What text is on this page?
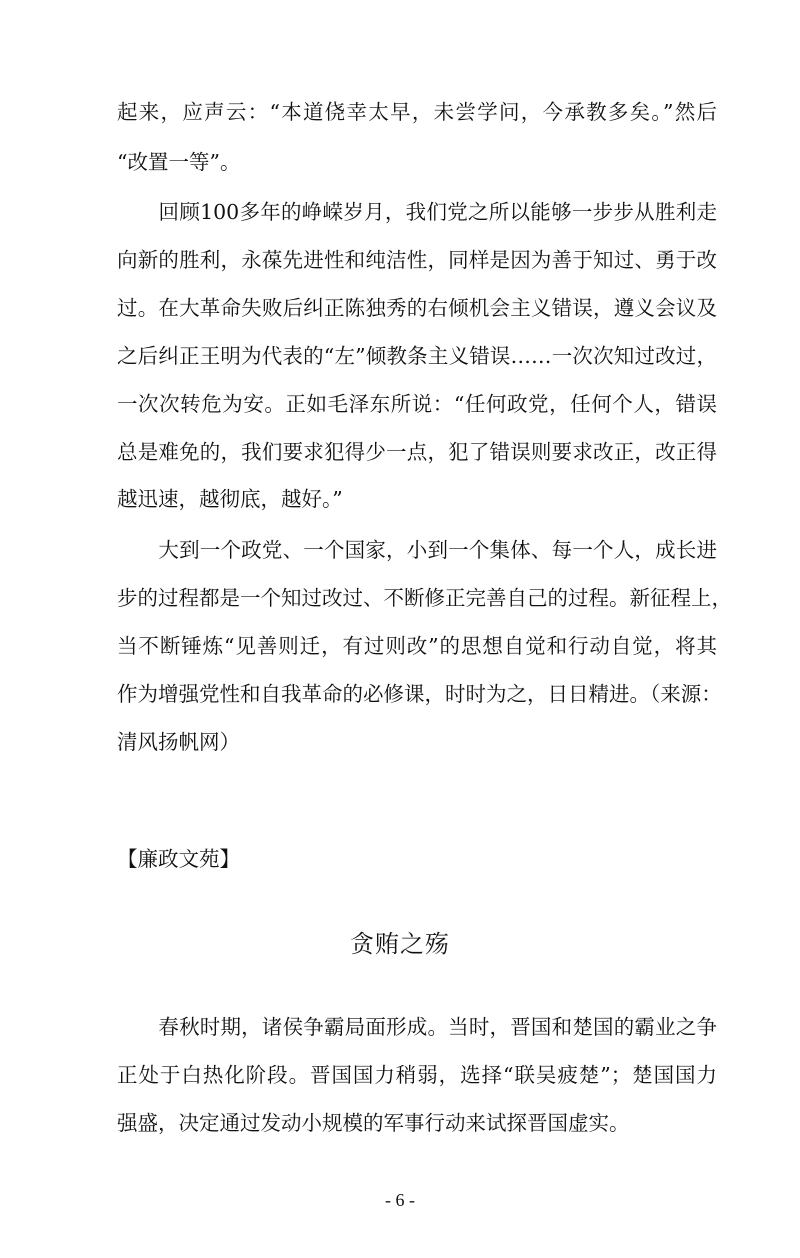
起来，应声云：“本道侥幸太早，未尝学问，今承教多矣。”然后
“改置一等”。
　　回顾100多年的峥嵘岁月，我们党之所以能够一步步从胜利走
向新的胜利，永葆先进性和纯洁性，同样是因为善于知过、勇于改
过。在大革命失败后纠正陈独秀的右倾机会主义错误，遵义会议及
之后纠正王明为代表的“左”倾教条主义错误……一次次知过改过，
一次次转危为安。正如毛泽东所说：“任何政党，任何个人，错误
总是难免的，我们要求犯得少一点，犯了错误则要求改正，改正得
越迅速，越彻底，越好。”
　　大到一个政党、一个国家，小到一个集体、每一个人，成长进
步的过程都是一个知过改过、不断修正完善自己的过程。新征程上，
当不断锤炼“见善则迁，有过则改”的思想自觉和行动自觉，将其
作为增强党性和自我革命的必修课，时时为之，日日精进。（来源：
清风扬帆网）
【廉政文苑】
贪贿之殇
　　春秋时期，诸侯争霸局面形成。当时，晋国和楚国的霸业之争
正处于白热化阶段。晋国国力稍弱，选择“联吴疲楚”；楚国国力
强盛，决定通过发动小规模的军事行动来试探晋国虚实。
- 6 -
